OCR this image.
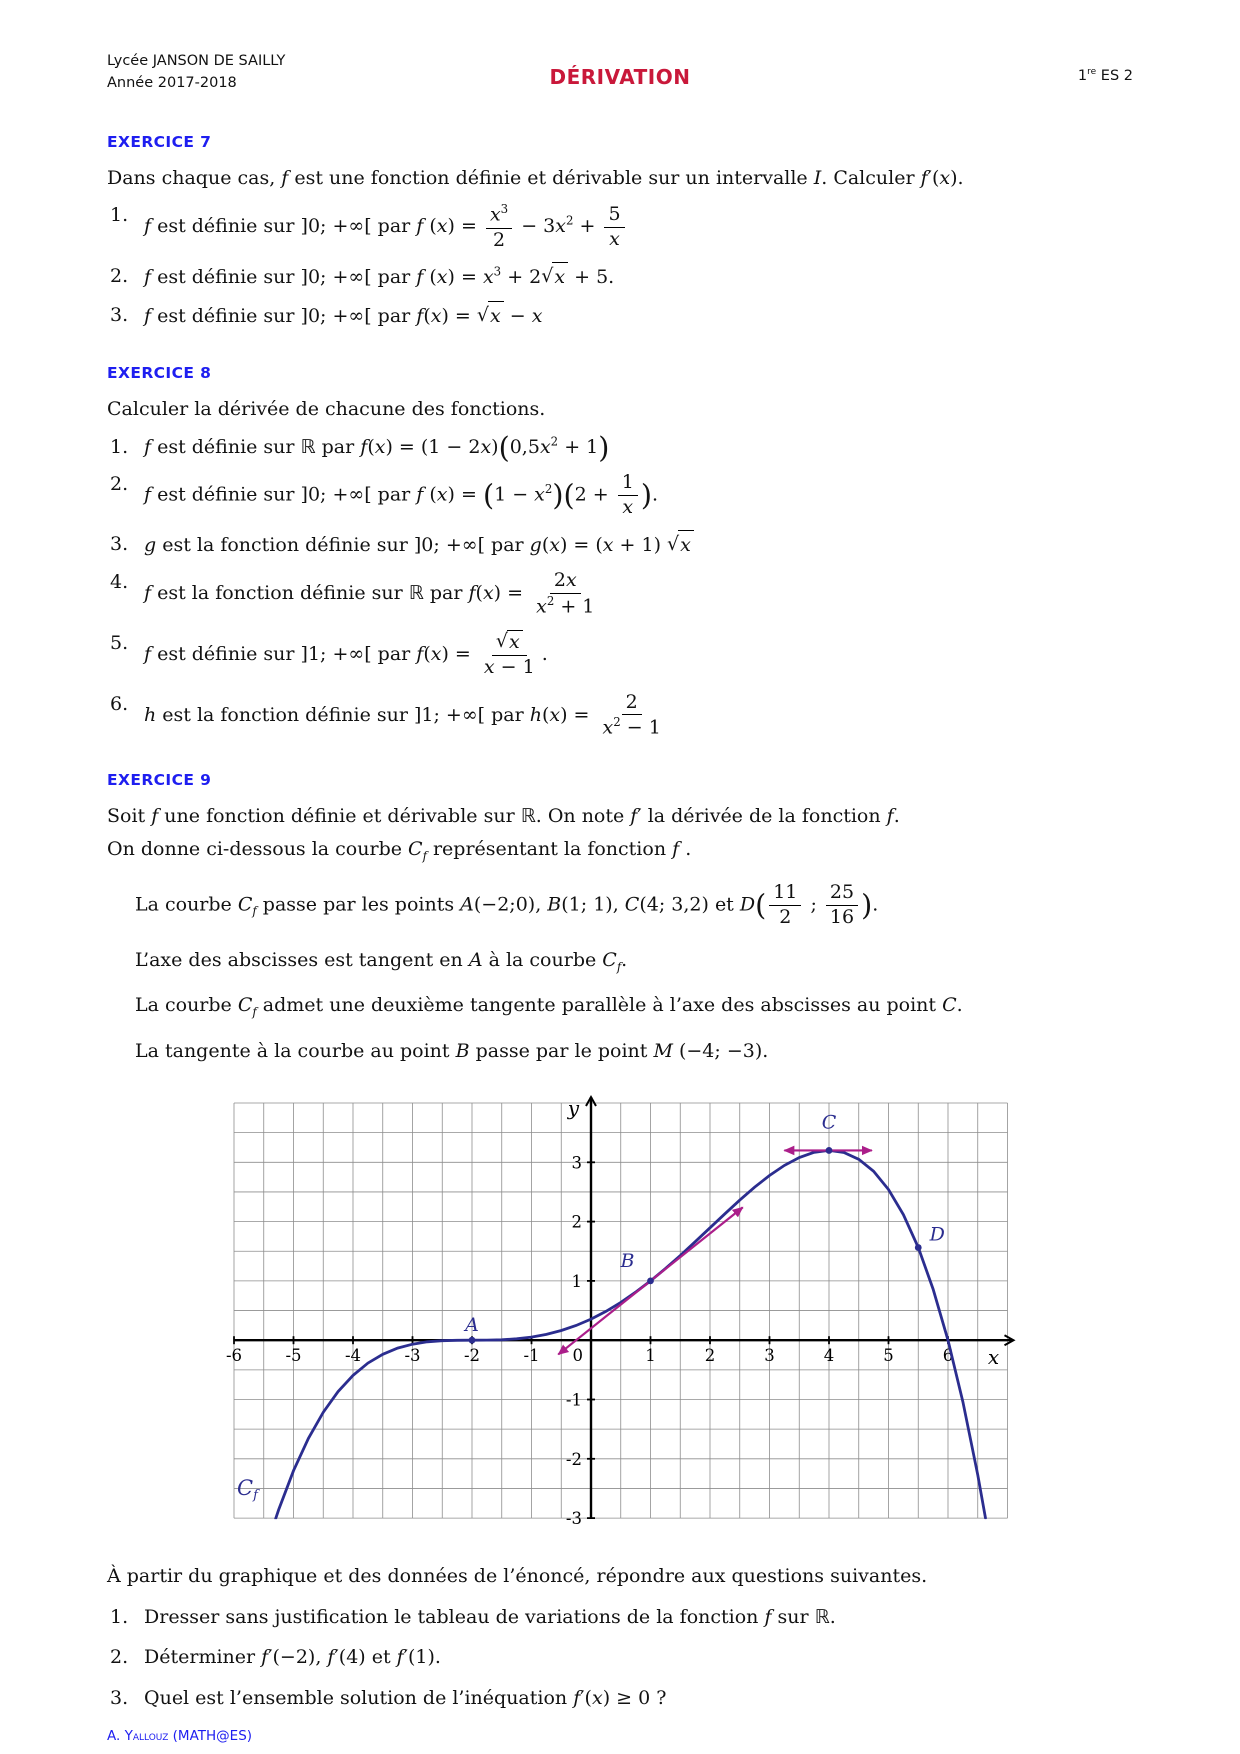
Lycée JANSON DE SAILLY
Année 2017-2018	DÉRIVATION	1re ES 2
EXERCICE 7

Dans chaque cas, f est une fonction définie et dérivable sur un intervalle I. Calculer f′(x).

1. f est définie sur ]0; +∞[ par f $(x) = \frac{x^3}{2} - 3x^2 + \frac{5}{x}$
2. f est définie sur ]0; +∞[ par f $(x) = x^3 + 2$ √ x + 5.
3. f est définie sur ]0; +∞[ par f(x) = √ x − x
EXERCICE 8

Calculer la dérivée de chacune des fonctions.

1. f est définie sur ℝ par $f(x) = (1 - 2x)(0,5x^2 + 1)$
2. f est définie sur ]0; +∞[ par f $(x) = (1 - x^2)(2 + \frac{1}{x}$ ).
3. g est la fonction définie sur ]0; +∞[ par g(x) = (x + 1) √ x
4. f est la fonction définie sur ℝ par $f(x) = \frac{2x}{x^2 + 1}$
5. f est définie sur ]1; +∞[ par $f(x) = \frac{√ x}{x - 1}$ .
6. h est la fonction définie sur ]1; +∞[ par $h(x) = \frac{2}{x^2 - 1}$
EXERCICE 9

Soit f une fonction définie et dérivable sur ℝ. On note f′ la dérivée de la fonction f.

On donne ci-dessous la courbe $C_f$ représentant la fonction f .

La courbe $C_f$ passe par les points A(−2;0), B(1; 1), C(4; 3,2) et $D( \frac{11}{2}$ ; $\frac{25}{16}$ ).

L’axe des abscisses est tangent en A à la courbe $C_f$.

La courbe $C_f$ admet une deuxième tangente parallèle à l’axe des abscisses au point C.

La tangente à la courbe au point B passe par le point M (−4; −3).

-6	-5	-4	-3	-2	-1	1	2	3	4	5	6
-3
-2
-1
1
2
3
0
y
x
A
B
C
D
Cf

À partir du graphique et des données de l’énoncé, répondre aux questions suivantes.

1. Dresser sans justification le tableau de variations de la fonction f sur ℝ.
2. Déterminer f′(−2), f′(4) et f′(1).
3. Quel est l’ensemble solution de l’inéquation f′(x) ≥ 0 ?
A. Yallouz (MATH@ES)
